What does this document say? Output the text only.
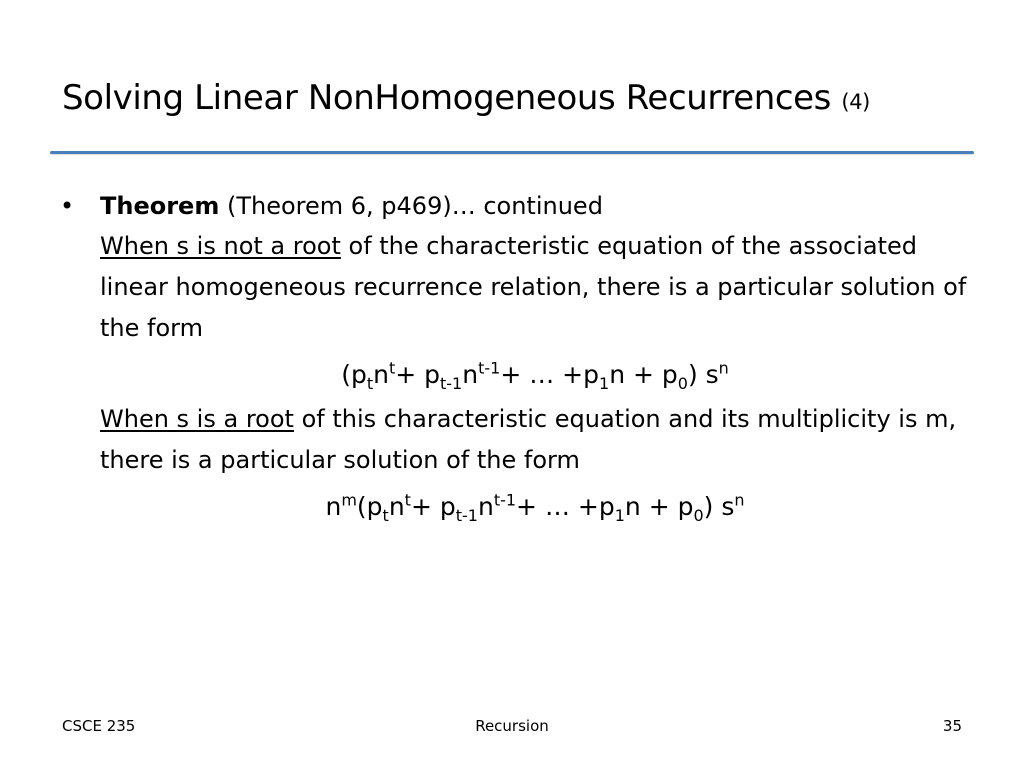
Solving Linear NonHomogeneous Recurrences (4)
• Theorem (Theorem 6, p469)… continued

When s is not a root of the characteristic equation of the associated linear homogeneous recurrence relation, there is a particular solution of the form

($p_tn^t+ p_{t-1}n^{t-1}+$ … $+p_1n + p_0$) $s^n$

When s is a root of this characteristic equation and its multiplicity is m, there is a particular solution of the form

$n^m(p_tn^t+ p_{t-1}n^{t-1}+$ … $+p_1n + p_0$) $s^n$
CSCE 235	Recursion	35
